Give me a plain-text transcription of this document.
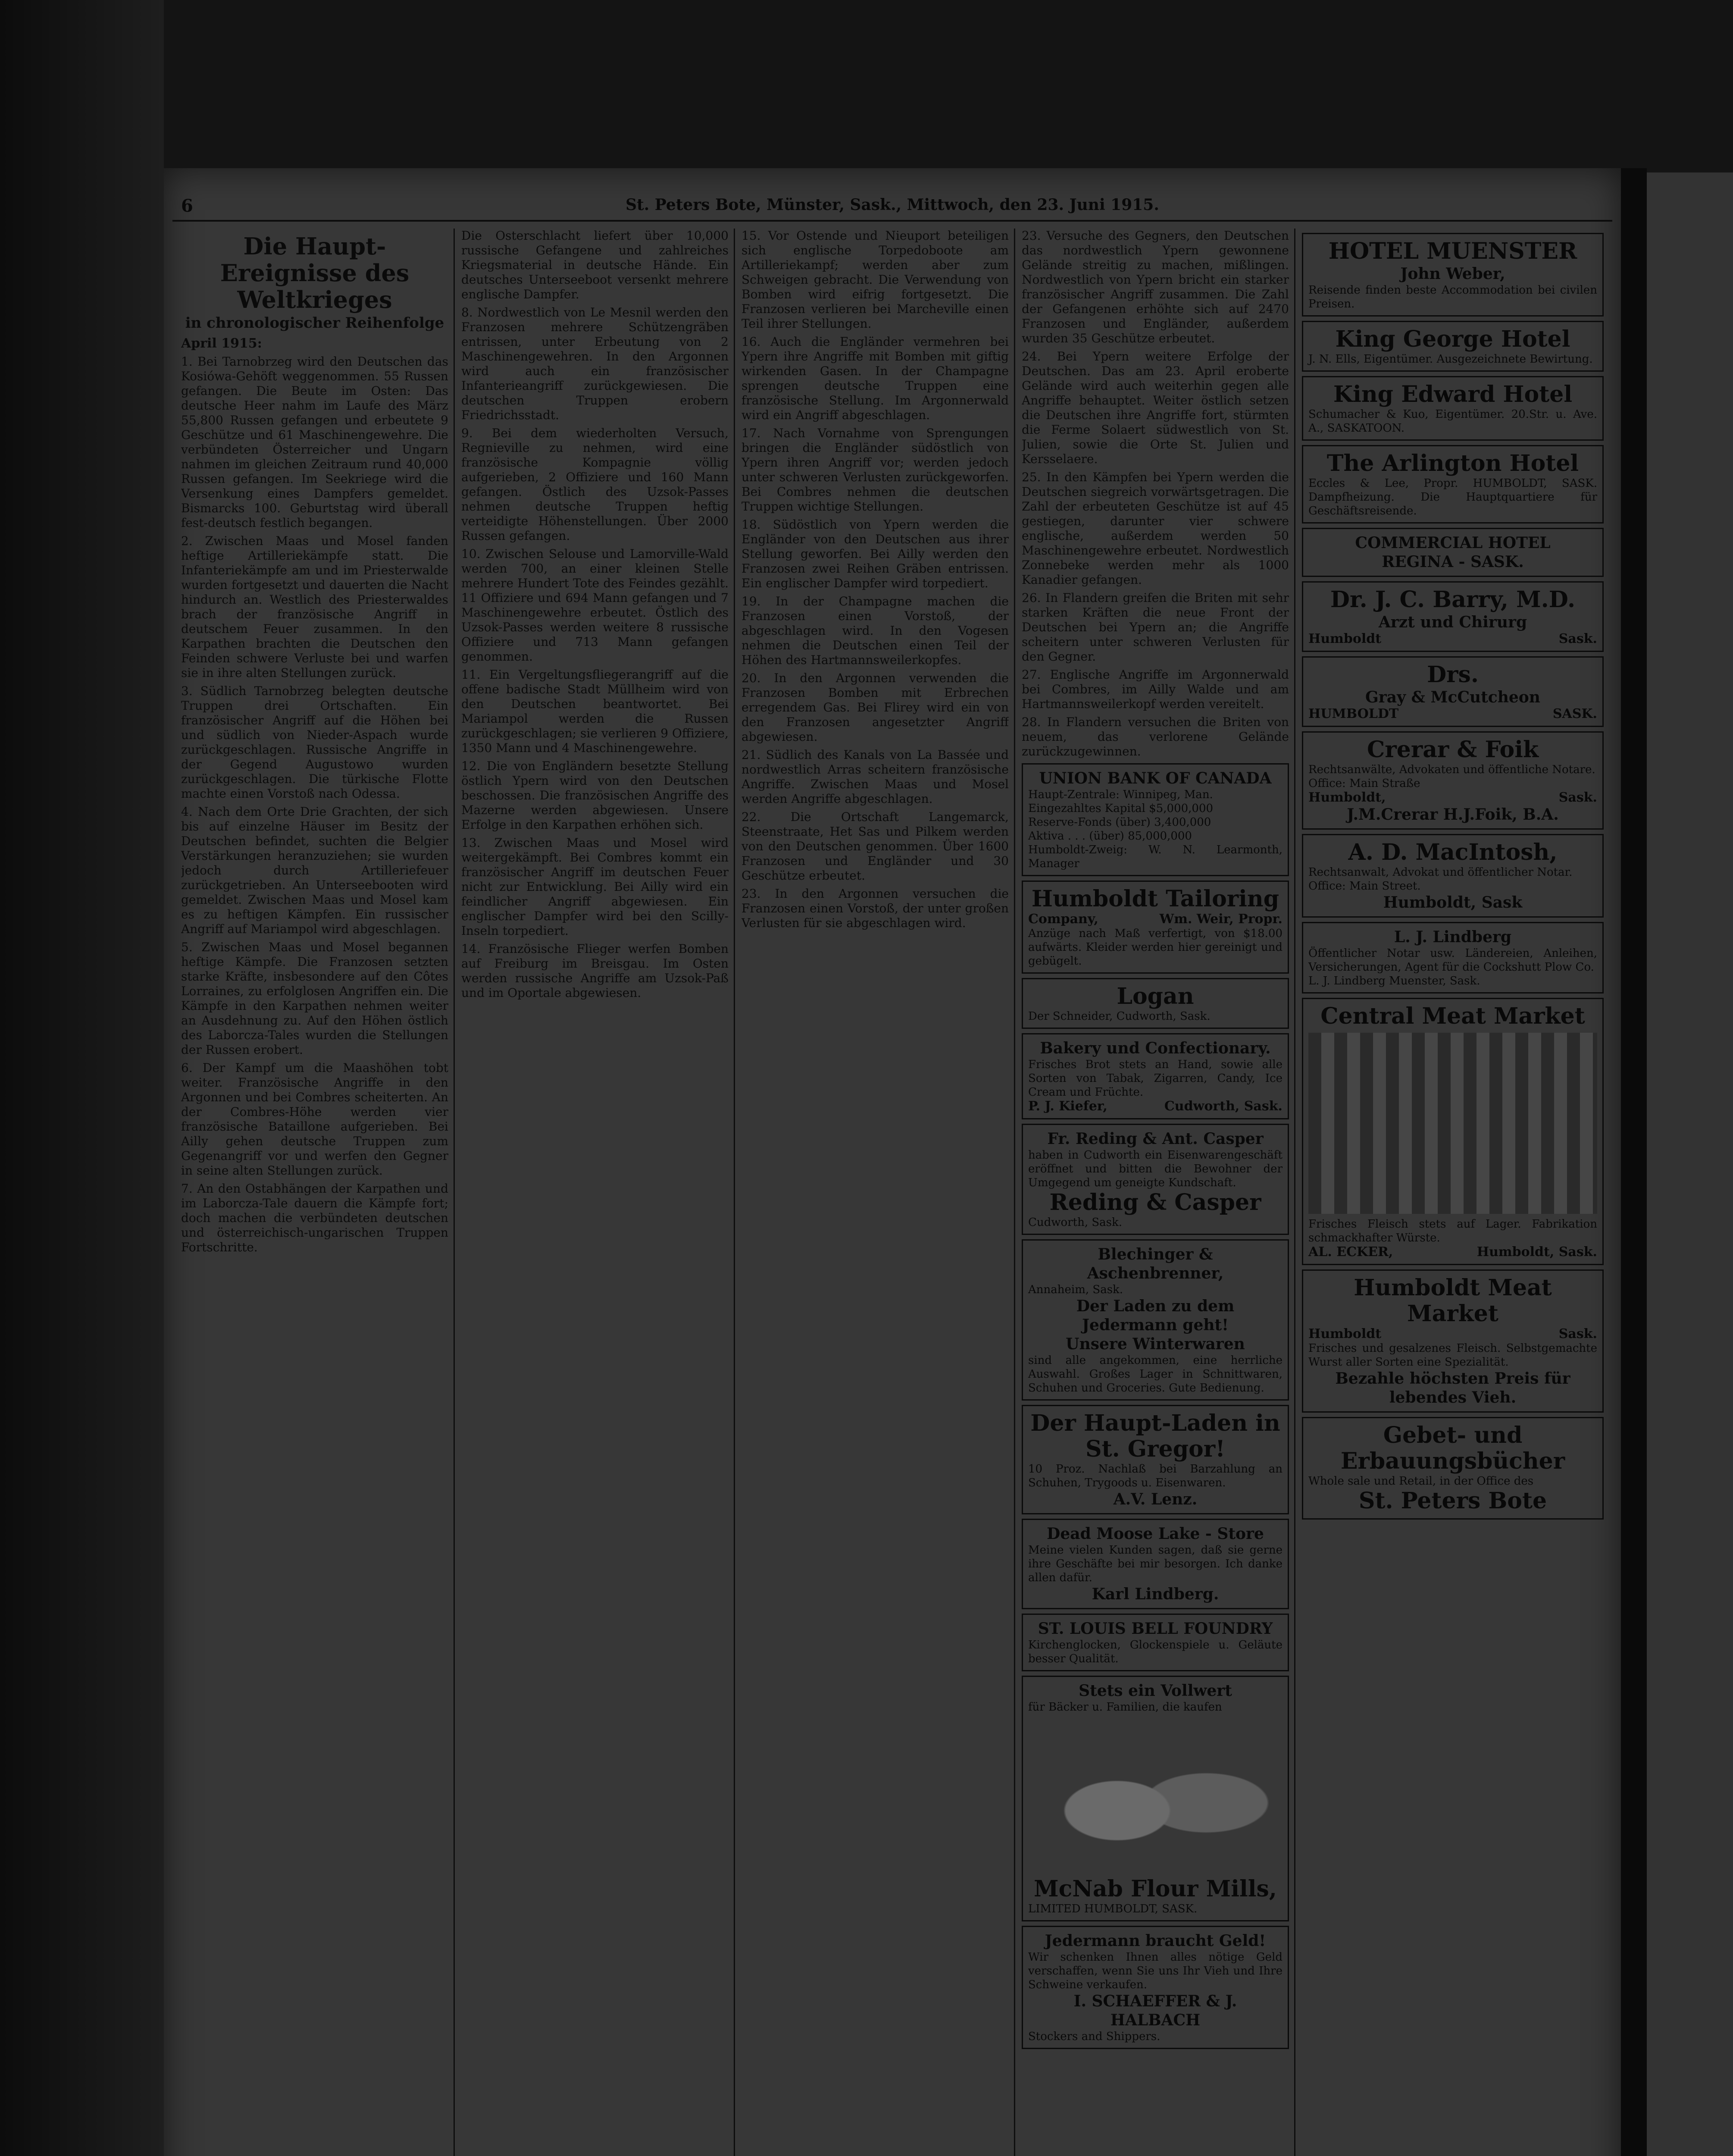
6	St. Peters Bote, Münster, Sask., Mittwoch, den 23. Juni 1915.
Die Haupt-Ereignisse des Weltkrieges
in chronologischer Reihenfolge
April 1915:

1. Bei Tarnobrzeg wird den Deutschen das Kosiówa-Gehöft weggenommen. 55 Russen gefangen. Die Beute im Osten: Das deutsche Heer nahm im Laufe des März 55,800 Russen gefangen und erbeutete 9 Geschütze und 61 Maschinengewehre. Die verbündeten Österreicher und Ungarn nahmen im gleichen Zeitraum rund 40,000 Russen gefangen. Im Seekriege wird die Versenkung eines Dampfers gemeldet. Bismarcks 100. Geburtstag wird überall fest-deutsch festlich begangen.

2. Zwischen Maas und Mosel fanden heftige Artilleriekämpfe statt. Die Infanteriekämpfe am und im Priesterwalde wurden fortgesetzt und dauerten die Nacht hindurch an. Westlich des Priesterwaldes brach der französische Angriff in deutschem Feuer zusammen. In den Karpathen brachten die Deutschen den Feinden schwere Verluste bei und warfen sie in ihre alten Stellungen zurück.

3. Südlich Tarnobrzeg belegten deutsche Truppen drei Ortschaften. Ein französischer Angriff auf die Höhen bei und südlich von Nieder-Aspach wurde zurückgeschlagen. Russische Angriffe in der Gegend Augustowo wurden zurückgeschlagen. Die türkische Flotte machte einen Vorstoß nach Odessa.

4. Nach dem Orte Drie Grachten, der sich bis auf einzelne Häuser im Besitz der Deutschen befindet, suchten die Belgier Verstärkungen heranzuziehen; sie wurden jedoch durch Artilleriefeuer zurückgetrieben. An Unterseebooten wird gemeldet. Zwischen Maas und Mosel kam es zu heftigen Kämpfen. Ein russischer Angriff auf Mariampol wird abgeschlagen.

5. Zwischen Maas und Mosel begannen heftige Kämpfe. Die Franzosen setzten starke Kräfte, insbesondere auf den Côtes Lorraines, zu erfolglosen Angriffen ein. Die Kämpfe in den Karpathen nehmen weiter an Ausdehnung zu. Auf den Höhen östlich des Laborcza-Tales wurden die Stellungen der Russen erobert.

6. Der Kampf um die Maashöhen tobt weiter. Französische Angriffe in den Argonnen und bei Combres scheiterten. An der Combres-Höhe werden vier französische Bataillone aufgerieben. Bei Ailly gehen deutsche Truppen zum Gegenangriff vor und werfen den Gegner in seine alten Stellungen zurück.

7. An den Ostabhängen der Karpathen und im Laborcza-Tale dauern die Kämpfe fort; doch machen die verbündeten deutschen und österreichisch-ungarischen Truppen Fortschritte.

Die Osterschlacht liefert über 10,000 russische Gefangene und zahlreiches Kriegsmaterial in deutsche Hände. Ein deutsches Unterseeboot versenkt mehrere englische Dampfer.

8. Nordwestlich von Le Mesnil werden den Franzosen mehrere Schützengräben entrissen, unter Erbeutung von 2 Maschinengewehren. In den Argonnen wird auch ein französischer Infanterieangriff zurückgewiesen. Die deutschen Truppen erobern Friedrichsstadt.

9. Bei dem wiederholten Versuch, Regnieville zu nehmen, wird eine französische Kompagnie völlig aufgerieben, 2 Offiziere und 160 Mann gefangen. Östlich des Uzsok-Passes nehmen deutsche Truppen heftig verteidigte Höhenstellungen. Über 2000 Russen gefangen.

10. Zwischen Selouse und Lamorville-Wald werden 700, an einer kleinen Stelle mehrere Hundert Tote des Feindes gezählt. 11 Offiziere und 694 Mann gefangen und 7 Maschinengewehre erbeutet. Östlich des Uzsok-Passes werden weitere 8 russische Offiziere und 713 Mann gefangen genommen.

11. Ein Vergeltungsfliegerangriff auf die offene badische Stadt Müllheim wird von den Deutschen beantwortet. Bei Mariampol werden die Russen zurückgeschlagen; sie verlieren 9 Offiziere, 1350 Mann und 4 Maschinengewehre.

12. Die von Engländern besetzte Stellung östlich Ypern wird von den Deutschen beschossen. Die französischen Angriffe des Mazerne werden abgewiesen. Unsere Erfolge in den Karpathen erhöhen sich.

13. Zwischen Maas und Mosel wird weitergekämpft. Bei Combres kommt ein französischer Angriff im deutschen Feuer nicht zur Entwicklung. Bei Ailly wird ein feindlicher Angriff abgewiesen. Ein englischer Dampfer wird bei den Scilly-Inseln torpediert.

14. Französische Flieger werfen Bomben auf Freiburg im Breisgau. Im Osten werden russische Angriffe am Uzsok-Paß und im Oportale abgewiesen.

15. Vor Ostende und Nieuport beteiligen sich englische Torpedoboote am Artilleriekampf; werden aber zum Schweigen gebracht. Die Verwendung von Bomben wird eifrig fortgesetzt. Die Franzosen verlieren bei Marcheville einen Teil ihrer Stellungen.

16. Auch die Engländer vermehren bei Ypern ihre Angriffe mit Bomben mit giftig wirkenden Gasen. In der Champagne sprengen deutsche Truppen eine französische Stellung. Im Argonnerwald wird ein Angriff abgeschlagen.

17. Nach Vornahme von Sprengungen bringen die Engländer südöstlich von Ypern ihren Angriff vor; werden jedoch unter schweren Verlusten zurückgeworfen. Bei Combres nehmen die deutschen Truppen wichtige Stellungen.

18. Südöstlich von Ypern werden die Engländer von den Deutschen aus ihrer Stellung geworfen. Bei Ailly werden den Franzosen zwei Reihen Gräben entrissen. Ein englischer Dampfer wird torpediert.

19. In der Champagne machen die Franzosen einen Vorstoß, der abgeschlagen wird. In den Vogesen nehmen die Deutschen einen Teil der Höhen des Hartmannsweilerkopfes.

20. In den Argonnen verwenden die Franzosen Bomben mit Erbrechen erregendem Gas. Bei Flirey wird ein von den Franzosen angesetzter Angriff abgewiesen.

21. Südlich des Kanals von La Bassée und nordwestlich Arras scheitern französische Angriffe. Zwischen Maas und Mosel werden Angriffe abgeschlagen.

22. Die Ortschaft Langemarck, Steenstraate, Het Sas und Pilkem werden von den Deutschen genommen. Über 1600 Franzosen und Engländer und 30 Geschütze erbeutet.

23. In den Argonnen versuchen die Franzosen einen Vorstoß, der unter großen Verlusten für sie abgeschlagen wird.

23. Versuche des Gegners, den Deutschen das nordwestlich Ypern gewonnene Gelände streitig zu machen, mißlingen. Nordwestlich von Ypern bricht ein starker französischer Angriff zusammen. Die Zahl der Gefangenen erhöhte sich auf 2470 Franzosen und Engländer, außerdem wurden 35 Geschütze erbeutet.

24. Bei Ypern weitere Erfolge der Deutschen. Das am 23. April eroberte Gelände wird auch weiterhin gegen alle Angriffe behauptet. Weiter östlich setzen die Deutschen ihre Angriffe fort, stürmten die Ferme Solaert südwestlich von St. Julien, sowie die Orte St. Julien und Kersselaere.

25. In den Kämpfen bei Ypern werden die Deutschen siegreich vorwärtsgetragen. Die Zahl der erbeuteten Geschütze ist auf 45 gestiegen, darunter vier schwere englische, außerdem werden 50 Maschinengewehre erbeutet. Nordwestlich Zonnebeke werden mehr als 1000 Kanadier gefangen.

26. In Flandern greifen die Briten mit sehr starken Kräften die neue Front der Deutschen bei Ypern an; die Angriffe scheitern unter schweren Verlusten für den Gegner.

27. Englische Angriffe im Argonnerwald bei Combres, im Ailly Walde und am Hartmannsweilerkopf werden vereitelt.

28. In Flandern versuchen die Briten von neuem, das verlorene Gelände zurückzugewinnen.

UNION BANK OF CANADA
Haupt-Zentrale: Winnipeg, Man.
Eingezahltes Kapital $5,000,000
Reserve-Fonds (über) 3,400,000
Aktiva . . . (über) 85,000,000
Humboldt-Zweig: W. N. Learmonth, Manager
Humboldt Tailoring
Company,	Wm. Weir, Propr.
Anzüge nach Maß verfertigt, von $18.00 aufwärts. Kleider werden hier gereinigt und gebügelt.
Logan
Der Schneider, Cudworth, Sask.
Bakery und Confectionary.
Frisches Brot stets an Hand, sowie alle Sorten von Tabak, Zigarren, Candy, Ice Cream und Früchte.
P. J. Kiefer,	Cudworth, Sask.
Fr. Reding & Ant. Casper
haben in Cudworth ein Eisenwarengeschäft eröffnet und bitten die Bewohner der Umgegend um geneigte Kundschaft.
Reding & Casper
Cudworth, Sask.
Blechinger & Aschenbrenner,
Annaheim, Sask.
Der Laden zu dem Jedermann geht!
Unsere Winterwaren
sind alle angekommen, eine herrliche Auswahl. Großes Lager in Schnittwaren, Schuhen und Groceries. Gute Bedienung.
Der Haupt-Laden in St. Gregor!
10 Proz. Nachlaß bei Barzahlung an Schuhen, Trygoods u. Eisenwaren.
A.V. Lenz.
Dead Moose Lake - Store
Meine vielen Kunden sagen, daß sie gerne ihre Geschäfte bei mir besorgen. Ich danke allen dafür.
Karl Lindberg.
ST. LOUIS BELL FOUNDRY
Kirchenglocken, Glockenspiele u. Geläute besser Qualität.
Stets ein Vollwert
für Bäcker u. Familien, die kaufen
McNab Flour Mills,
LIMITED HUMBOLDT, SASK.
Jedermann braucht Geld!
Wir schenken Ihnen alles nötige Geld verschaffen, wenn Sie uns Ihr Vieh und Ihre Schweine verkaufen.
I. SCHAEFFER & J. HALBACH
Stockers and Shippers.
HOTEL MUENSTER
John Weber,
Reisende finden beste Accommodation bei civilen Preisen.
King George Hotel
J. N. Ells, Eigentümer. Ausgezeichnete Bewirtung.
King Edward Hotel
Schumacher & Kuo, Eigentümer. 20.Str. u. Ave. A., SASKATOON.
The Arlington Hotel
Eccles & Lee, Propr. HUMBOLDT, SASK. Dampfheizung. Die Hauptquartiere für Geschäftsreisende.
COMMERCIAL HOTEL
REGINA - SASK.
Dr. J. C. Barry, M.D.
Arzt und Chirurg
Humboldt	Sask.
Drs.
Gray & McCutcheon
HUMBOLDT	SASK.
Crerar & Foik
Rechtsanwälte, Advokaten und öffentliche Notare.
Office: Main Straße
Humboldt,	Sask.
J.M.Crerar H.J.Foik, B.A.
A. D. MacIntosh,
Rechtsanwalt, Advokat und öffentlicher Notar.
Office: Main Street.
Humboldt, Sask
L. J. Lindberg
Öffentlicher Notar usw. Ländereien, Anleihen, Versicherungen, Agent für die Cockshutt Plow Co.
L. J. Lindberg Muenster, Sask.
Central Meat Market
Frisches Fleisch stets auf Lager. Fabrikation schmackhafter Würste.
AL. ECKER,	Humboldt, Sask.
Humboldt Meat Market
Humboldt	Sask.
Frisches und gesalzenes Fleisch. Selbstgemachte Wurst aller Sorten eine Spezialität.
Bezahle höchsten Preis für lebendes Vieh.
Gebet- und Erbauungsbücher
Whole sale und Retail, in der Office des
St. Peters Bote
